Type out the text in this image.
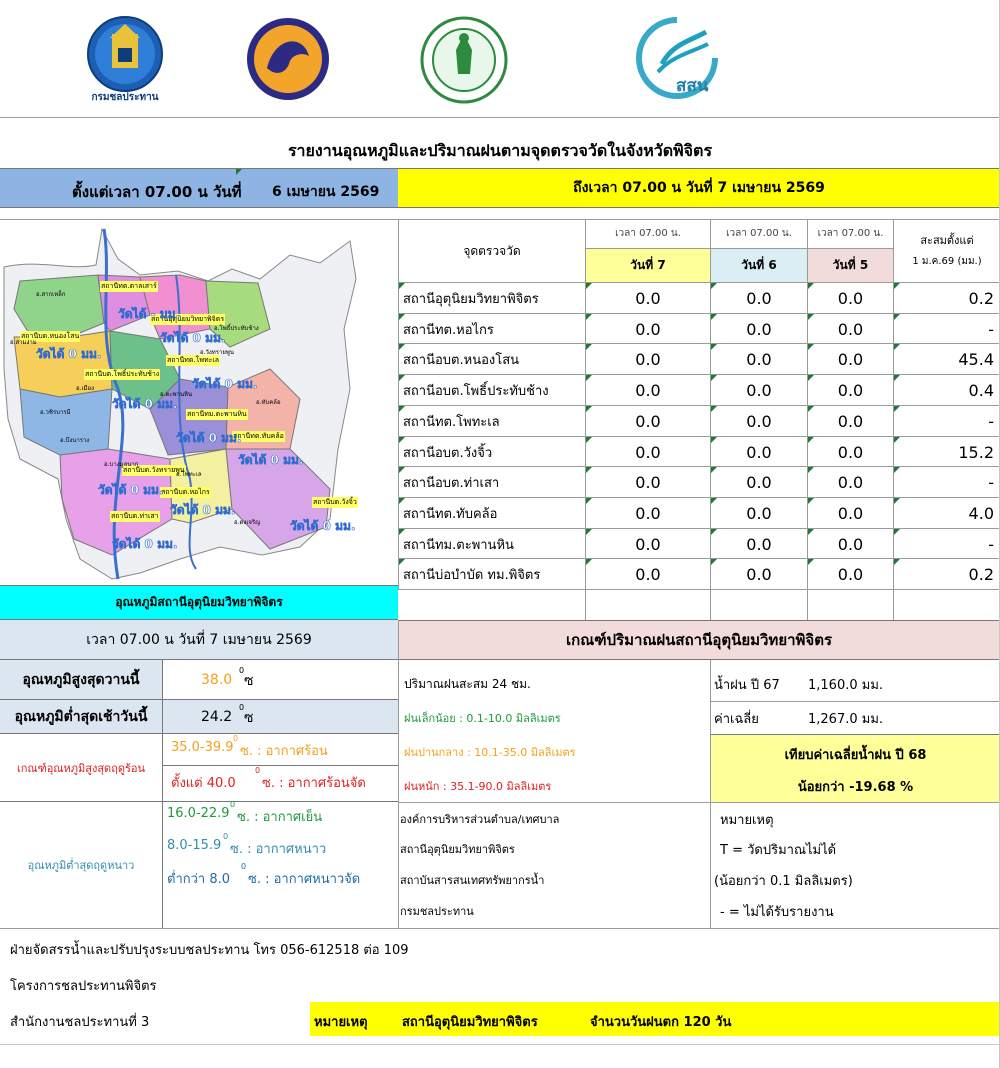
กรมชลประทาน
สสน
รายงานอุณหภูมิและปริมาณฝนตามจุดตรวจวัดในจังหวัดพิจิตร
ตั้งแต่เวลา 07.00 น วันที่ 6 เมษายน 2569	ถึงเวลา 07.00 น วันที่ 7 เมษายน 2569
สถานีทต.ตาลเสาร์
สถานีทม.ตะพานหิน
สถานีอุตุนิยมวิทยาพิจิตร
สถานีบต.หนองโสน
สถานีบต.โพธิ์ประทับช้าง
สถานีทต.โพทะเล
สถานีบต.วังจิ้ว
สถานีบต.ท่าเสา
สถานีทต.ทับคล้อ
สถานีบต.วังทรายพูน
สถานีบต.หอไกร
วัดได้ - มม.
วัดได้ 0 มม.
วัดได้ 0 มม.
วัดได้ 0 มม.
วัดได้ 0 มม.
วัดได้ 0 มม.
วัดได้ 0 มม.
วัดได้ 0 มม.
วัดได้ 0 มม.
วัดได้ 0 มม.
วัดได้ 0 มม.
อ.สากเหล็ก
อ.วังทรายพูน
อ.เมือง
อ.สามง่าม
อ.ตะพานหิน
อ.ทับคล้อ
อ.บางมูลนาก
อ.โพทะเล
อ.ดงเจริญ
อ.บึงนาราง
อ.วชิรบารมี
อ.โพธิ์ประทับช้าง
จุดตรวจวัด
เวลา 07.00 น.	เวลา 07.00 น.	เวลา 07.00 น.
วันที่ 7	วันที่ 6	วันที่ 5
สะสมตั้งแต่
1 ม.ค.69 (มม.)
สถานีอุตุนิยมวิทยาพิจิตร	0.0	0.0	0.0	0.2
สถานีทต.หอไกร	0.0	0.0	0.0	-
สถานีอบต.หนองโสน	0.0	0.0	0.0	45.4
สถานีอบต.โพธิ์ประทับช้าง	0.0	0.0	0.0	0.4
สถานีทต.โพทะเล	0.0	0.0	0.0	-
สถานีอบต.วังจิ้ว	0.0	0.0	0.0	15.2
สถานีอบต.ท่าเสา	0.0	0.0	0.0	-
สถานีทต.ทับคล้อ	0.0	0.0	0.0	4.0
สถานีทม.ตะพานหิน	0.0	0.0	0.0	-
สถานีบ่อบำบัด ทม.พิจิตร	0.0	0.0	0.0	0.2
อุณหภูมิสถานีอุตุนิยมวิทยาพิจิตร
เวลา 07.00 น วันที่ 7 เมษายน 2569
อุณหภูมิสูงสุดวานนี้	38.0
0
ซ
อุณหภูมิต่ำสุดเช้าวันนี้	24.2
0
ซ
เกณฑ์อุณหภูมิสูงสุดฤดูร้อน
35.0-39.9
0
ซ. : อากาศร้อน
ตั้งแต่ 40.0
0
ซ. : อากาศร้อนจัด
อุณหภูมิต่ำสุดฤดูหนาว
16.0-22.9
0
ซ. : อากาศเย็น
8.0-15.9
0
ซ. : อากาศหนาว
ต่ำกว่า 8.0
0
ซ. : อากาศหนาวจัด
เกณฑ์ปริมาณฝนสถานีอุตุนิยมวิทยาพิจิตร
ปริมาณฝนสะสม 24 ชม.
ฝนเล็กน้อย : 0.1-10.0 มิลลิเมตร
ฝนปานกลาง : 10.1-35.0 มิลลิเมตร
ฝนหนัก : 35.1-90.0 มิลลิเมตร
น้ำฝน ปี 67 1,160.0 มม.
ค่าเฉลี่ย	1,267.0 มม.
เทียบค่าเฉลี่ยน้ำฝน ปี 68
น้อยกว่า -19.68 %
องค์การบริหารส่วนตำบล/เทศบาล
สถานีอุตุนิยมวิทยาพิจิตร
สถาบันสารสนเทศทรัพยากรน้ำ
กรมชลประทาน
หมายเหตุ
T = วัดปริมาณไม่ได้
(น้อยกว่า 0.1 มิลลิเมตร)
- = ไม่ได้รับรายงาน
ฝ่ายจัดสรรน้ำและปรับปรุงระบบชลประทาน โทร 056-612518 ต่อ 109
โครงการชลประทานพิจิตร
สำนักงานชลประทานที่ 3	หมายเหตุ	สถานีอุตุนิยมวิทยาพิจิตร	จำนวนวันฝนตก 120 วัน
